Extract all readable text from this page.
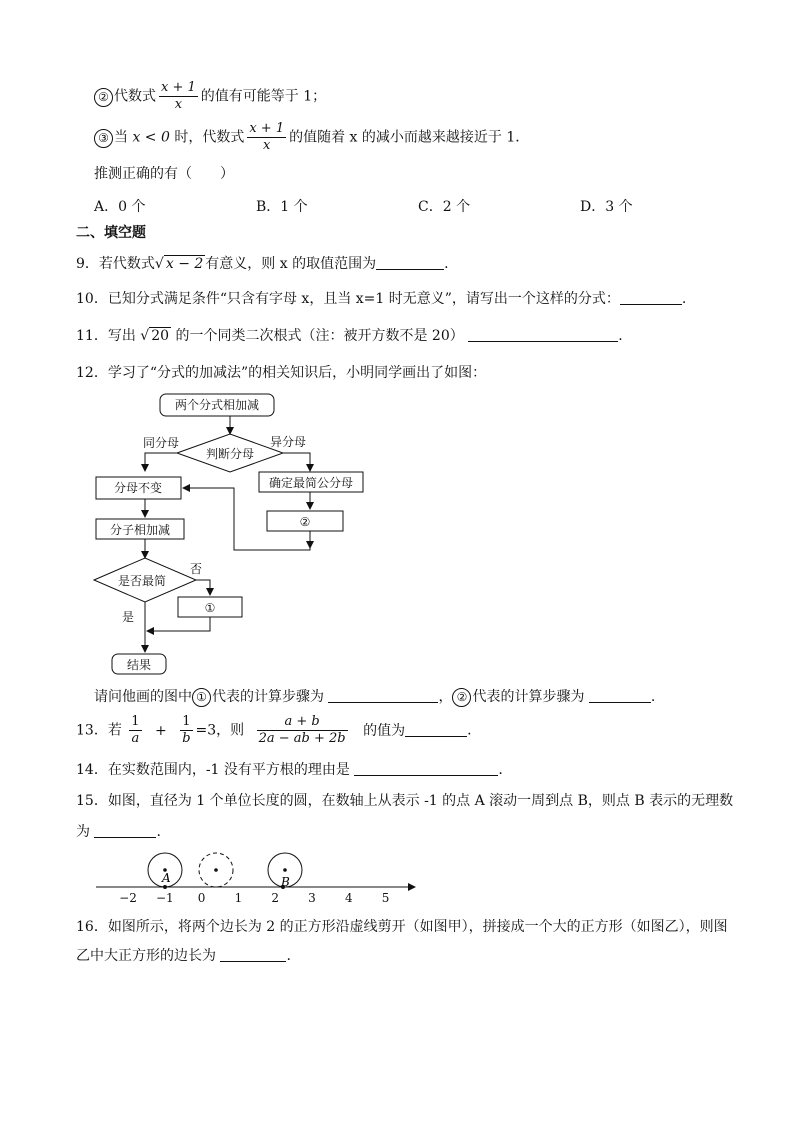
② 代数式 $\frac{x + 1}{x}$ 的值有可能等于 1；
③ 当 x < 0 时，代数式 $\frac{x + 1}{x}$ 的值随着 x 的减小而越来越接近于 1．
推测正确的有（　　）
A．0 个	B．1 个	C．2 个	D．3 个
二、填空题
9．若代数式√ x − 2 有意义，则 x 的取值范围为	.
10．已知分式满足条件“只含有字母 x，且当 x=1 时无意义”，请写出一个这样的分式：	.
11．写出 √ 20 的一个同类二次根式（注：被开方数不是 20）	.
12．学习了“分式的加减法”的相关知识后，小明同学画出了如图：
两个分式相加减
判断分母
同分母	异分母
分母不变	确定最简公分母
②
分子相加减
是否最简
否
是
①
结果
请问他画的图中 ① 代表的计算步骤为	， ② 代表的计算步骤为	.
13．若 $\frac{1}{a} + \frac{1}{b} =3$，则 $\frac{a + b}{2a - ab + 2b}$ 的值为	.
14．在实数范围内，-1 没有平方根的理由是	.
15．如图，直径为 1 个单位长度的圆，在数轴上从表示 -1 的点 A 滚动一周到点 B，则点 B 表示的无理数
为	.
A	B
−2 −1 0 1 2 3 4 5
16．如图所示，将两个边长为 2 的正方形沿虚线剪开（如图甲），拼接成一个大的正方形（如图乙），则图
乙中大正方形的边长为	.
